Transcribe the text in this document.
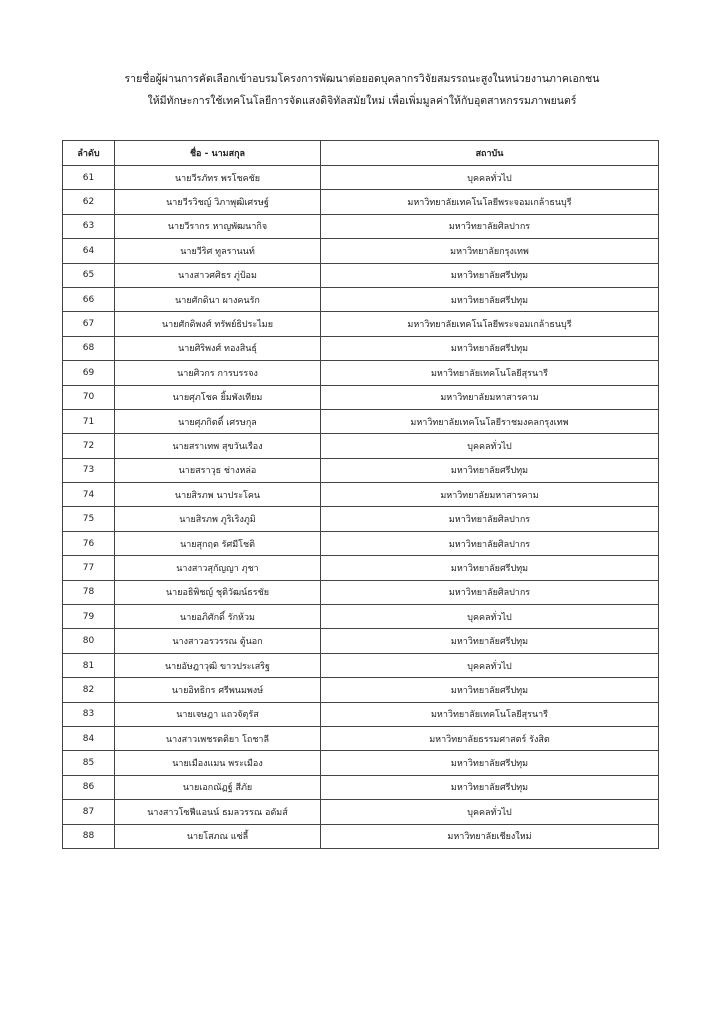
รายชื่อผู้ผ่านการคัดเลือกเข้าอบรมโครงการพัฒนาต่อยอดบุคลากรวิจัยสมรรถนะสูงในหน่วยงานภาคเอกชน
ให้มีทักษะการใช้เทคโนโลยีการจัดแสงดิจิทัลสมัยใหม่ เพื่อเพิ่มมูลค่าให้กับอุตสาหกรรมภาพยนตร์
ลำดับ	ชื่อ - นามสกุล	สถาบัน
61	นายวีรภัทร พรโชคชัย	บุคคลทั่วไป
62	นายวีรวิชญ์ วิภาพุฒิเศรษฐ์	มหาวิทยาลัยเทคโนโลยีพระจอมเกล้าธนบุรี
63	นายวีรากร หาญพัฒนากิจ	มหาวิทยาลัยศิลปากร
64	นายวีริศ ทูลรานนท์	มหาวิทยาลัยกรุงเทพ
65	นางสาวศศิธร ภู่ป้อม	มหาวิทยาลัยศรีปทุม
66	นายศักดินา ผางคนรัก	มหาวิทยาลัยศรีปทุม
67	นายศักดิพงศ์ ทรัพย์ธิประไมย	มหาวิทยาลัยเทคโนโลยีพระจอมเกล้าธนบุรี
68	นายศิริพงศ์ ทองสินธุ์	มหาวิทยาลัยศรีปทุม
69	นายศิวกร การบรรจง	มหาวิทยาลัยเทคโนโลยีสุรนารี
70	นายศุภโชค ยิ้มพังเทียม	มหาวิทยาลัยมหาสารคาม
71	นายศุภกิตติ์ เศรษกุล	มหาวิทยาลัยเทคโนโลยีราชมงคลกรุงเทพ
72	นายสราเทพ สุขวันเรือง	บุคคลทั่วไป
73	นายสราวุธ ช่างหล่อ	มหาวิทยาลัยศรีปทุม
74	นายสิรภพ นาประโคน	มหาวิทยาลัยมหาสารคาม
75	นายสิรภพ ภูริเริงภูมิ	มหาวิทยาลัยศิลปากร
76	นายสุกฤต รัศมีโชติ	มหาวิทยาลัยศิลปากร
77	นางสาวสุกัญญา ภุชา	มหาวิทยาลัยศรีปทุม
78	นายอธิพิชญ์ ชุติวัฒน์ธรชัย	มหาวิทยาลัยศิลปากร
79	นายอภิศักดิ์ รักห้วม	บุคคลทั่วไป
80	นางสาวอรวรรณ ตู้นอก	มหาวิทยาลัยศรีปทุม
81	นายอัษฎาวุฒิ ขาวประเสริฐ	บุคคลทั่วไป
82	นายอิทธิกร ศรีพนมพงษ์	มหาวิทยาลัยศรีปทุม
83	นายเจษฎา แถวจัตุรัส	มหาวิทยาลัยเทคโนโลยีสุรนารี
84	นางสาวเพชรตติยา โถชาลี	มหาวิทยาลัยธรรมศาสตร์ รังสิต
85	นายเมืองแมน พระเมือง	มหาวิทยาลัยศรีปทุม
86	นายเอกณัฏฐ์ สีภัย	มหาวิทยาลัยศรีปทุม
87	นางสาวโซฟีแอนน์ ธมลวรรณ อดัมส์	บุคคลทั่วไป
88	นายโสภณ แซ่ลี้	มหาวิทยาลัยเชียงใหม่
